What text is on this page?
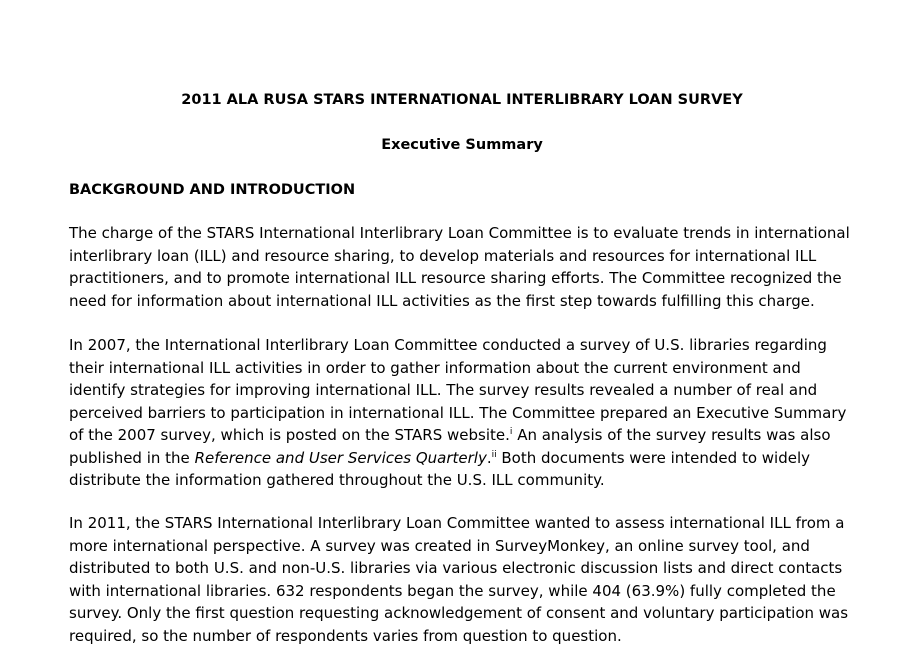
2011 ALA RUSA STARS INTERNATIONAL INTERLIBRARY LOAN SURVEY
Executive Summary
BACKGROUND AND INTRODUCTION
The charge of the STARS International Interlibrary Loan Committee is to evaluate trends in international
interlibrary loan (ILL) and resource sharing, to develop materials and resources for international ILL
practitioners, and to promote international ILL resource sharing efforts. The Committee recognized the
need for information about international ILL activities as the first step towards fulfilling this charge.
In 2007, the International Interlibrary Loan Committee conducted a survey of U.S. libraries regarding
their international ILL activities in order to gather information about the current environment and
identify strategies for improving international ILL. The survey results revealed a number of real and
perceived barriers to participation in international ILL. The Committee prepared an Executive Summary
of the 2007 survey, which is posted on the STARS website.$^i$ An analysis of the survey results was also
published in the Reference and User Services Quarterly.$^{ii}$ Both documents were intended to widely
distribute the information gathered throughout the U.S. ILL community.
In 2011, the STARS International Interlibrary Loan Committee wanted to assess international ILL from a
more international perspective. A survey was created in SurveyMonkey, an online survey tool, and
distributed to both U.S. and non-U.S. libraries via various electronic discussion lists and direct contacts
with international libraries. 632 respondents began the survey, while 404 (63.9%) fully completed the
survey. Only the first question requesting acknowledgement of consent and voluntary participation was
required, so the number of respondents varies from question to question.
